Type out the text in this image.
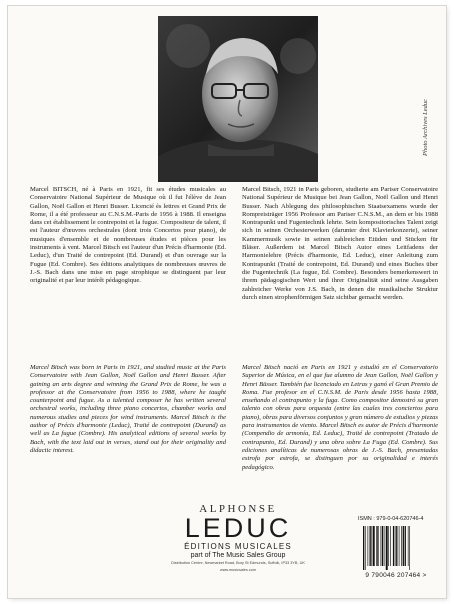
Photo Archives Leduc
Marcel BITSCH, né à Paris en 1921, fit ses études musicales au Conservatoire National Supérieur de Musique où il fut l'élève de Jean Gallon, Noël Gallon et Henri Busser. Licencié ès lettres et Grand Prix de Rome, il a été professeur au C.N.S.M.-Paris de 1956 à 1988. Il enseigna dans cet établissement le contrepoint et la fugue. Compositeur de talent, il est l'auteur d'œuvres orchestrales (dont trois Concertos pour piano), de musiques d'ensemble et de nombreuses études et pièces pour les instruments à vent. Marcel Bitsch est l'auteur d'un Précis d'harmonie (Ed. Leduc), d'un Traité de contrepoint (Ed. Durand) et d'un ouvrage sur la Fugue (Ed. Combre). Ses éditions analytiques de nombreuses œuvres de J.-S. Bach dans une mise en page strophique se distinguent par leur originalité et par leur intérêt pédagogique.
Marcel Bitsch, 1921 in Paris geboren, studierte am Pariser Conservatoire National Supérieur de Musique bei Jean Gallon, Noël Gallon und Henri Busser. Nach Ablegung des philosophischen Staatsexamens wurde der Rompreisträger 1956 Professor am Pariser C.N.S.M., an dem er bis 1988 Kontrapunkt und Fugentechnik lehrte. Sein kompositorisches Talent zeigt sich in seinen Orchesterwerken (darunter drei Klavierkonzerte), seiner Kammermusik sowie in seinen zahlreichen Etüden und Stücken für Bläser. Außerdem ist Marcel Bitsch Autor eines Leitfadens der Harmonielehre (Précis d'harmonie, Ed. Leduc), einer Anleitung zum Kontrapunkt (Traité de contrepoint, Ed. Durand) und eines Buches über die Fugentechnik (La fugue, Ed. Combre). Besonders bemerkenswert in ihrem pädagogischen Wert und ihrer Originalität sind seine Ausgaben zahlreicher Werke von J.S. Bach, in denen die musikalische Struktur durch einen strophenförmigen Satz sichtbar gemacht werden.
Marcel Bitsch was born in Paris in 1921, and studied music at the Paris Conservatoire with Jean Gallon, Noël Gallon and Henri Busser. After gaining an arts degree and winning the Grand Prix de Rome, he was a professor at the Conservatoire from 1956 to 1988, where he taught counterpoint and fugue. As a talented composer he has written several orchestral works, including three piano concertos, chamber works and numerous studies and pieces for wind instruments. Marcel Bitsch is the author of Précis d'harmonie (Leduc), Traité de contrepoint (Durand) as well as La fugue (Combre). His analytical editions of several works by Bach, with the text laid out in verses, stand out for their originality and didactic interest.
Marcel Bitsch nació en Paris en 1921 y estudió en el Conservatorio Superior de Música, en el que fue alumno de Jean Gallon, Noël Gallon y Henri Büsser. También fue licenciado en Letras y ganó el Gran Premio de Roma. Fue profesor en el C.N.S.M. de Paris desde 1956 hasta 1988, enseñando el contrapunto y la fuga. Como compositor demostró su gran talento con obras para orquesta (entre las cuales tres conciertos para piano), obras para diversos conjuntos y gran número de estudios y piezas para instrumentos de viento. Marcel Bitsch es autor de Précis d'harmonie (Compendio de armonía, Ed. Leduc), Traité de contrepoint (Tratado de contrapunto, Ed. Durand) y una obra sobre La Fuga (Ed. Combre). Sus ediciones analíticas de numerosas obras de J.-S. Bach, presentadas estrofa por estrofa, se distinguen por su originalidad e interés pedagógico.
ALPHONSE
LEDUC
ÉDITIONS MUSICALES
part of The Music Sales Group
Distribution Centre, Newmarket Road, Bury St Edmunds, Suffolk, IP33 3YB, UK
www.musicsales.com
ISMN : 979-0-04-620746-4
9 790046 207464 >
